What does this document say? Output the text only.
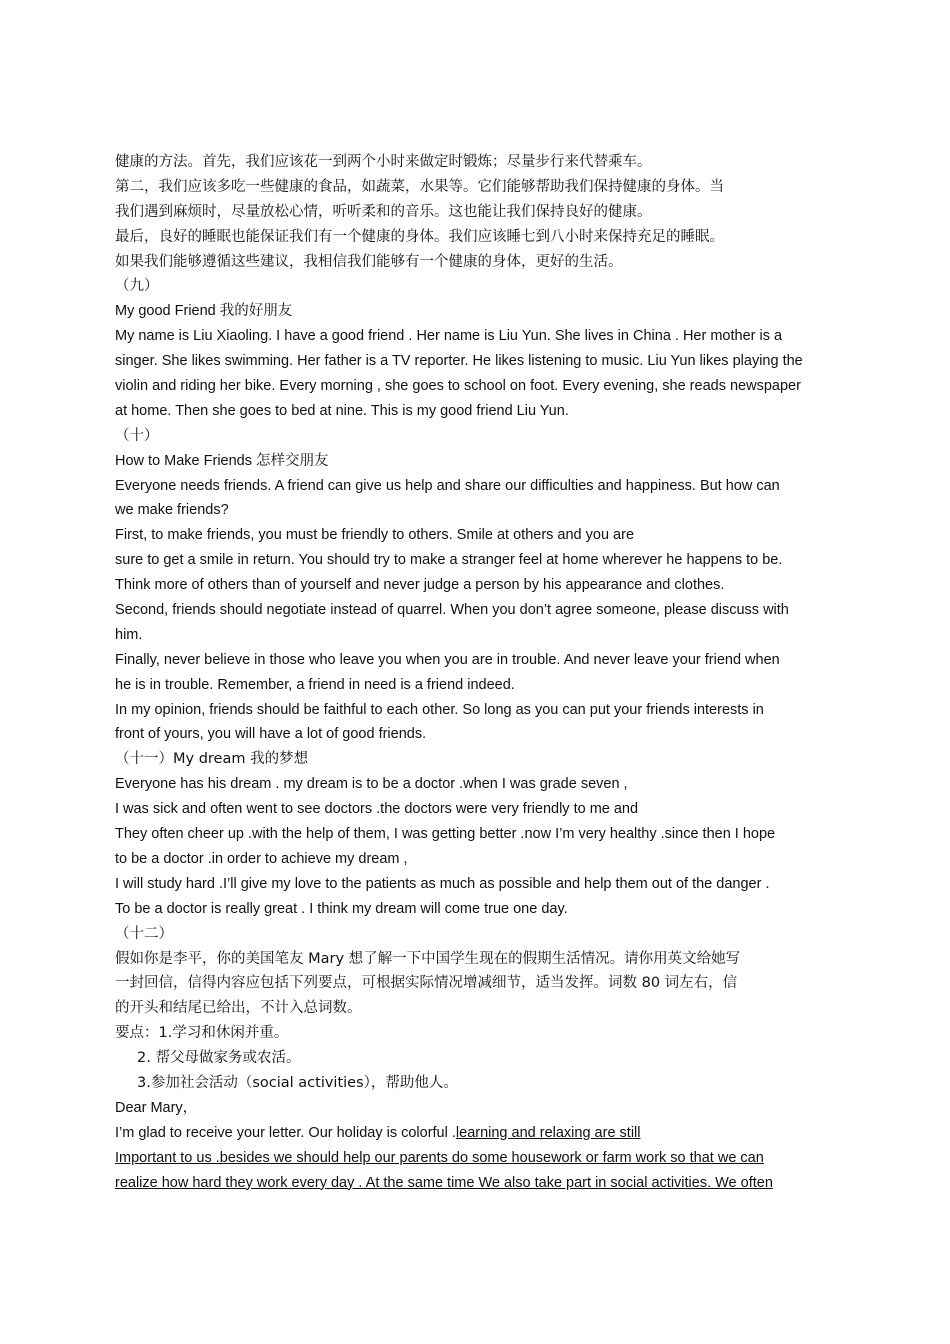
健康的方法。首先，我们应该花一到两个小时来做定时锻炼；尽量步行来代替乘车。
第二，我们应该多吃一些健康的食品，如蔬菜，水果等。它们能够帮助我们保持健康的身体。当
我们遇到麻烦时，尽量放松心情，听听柔和的音乐。这也能让我们保持良好的健康。
最后，良好的睡眠也能保证我们有一个健康的身体。我们应该睡七到八小时来保持充足的睡眠。
如果我们能够遵循这些建议，我相信我们能够有一个健康的身体，更好的生活。
（九）
My good Friend 我的好朋友
My name is Liu Xiaoling. I have a good friend . Her name is Liu Yun. She lives in China . Her mother is a
singer. She likes swimming. Her father is a TV reporter. He likes listening to music. Liu Yun likes playing the
violin and riding her bike. Every morning , she goes to school on foot. Every evening, she reads newspaper
at home. Then she goes to bed at nine. This is my good friend Liu Yun.
（十）
How to Make Friends 怎样交朋友
Everyone needs friends. A friend can give us help and share our difficulties and happiness. But how can
we make friends?
First, to make friends, you must be friendly to others. Smile at others and you are
sure to get a smile in return. You should try to make a stranger feel at home wherever he happens to be.
Think more of others than of yourself and never judge a person by his appearance and clothes.
Second, friends should negotiate instead of quarrel. When you don’t agree someone, please discuss with
him.
Finally, never believe in those who leave you when you are in trouble. And never leave your friend when
he is in trouble. Remember, a friend in need is a friend indeed.
In my opinion, friends should be faithful to each other. So long as you can put your friends interests in
front of yours, you will have a lot of good friends.
（十一）My dream 我的梦想
Everyone has his dream . my dream is to be a doctor .when I was grade seven ,
I was sick and often went to see doctors .the doctors were very friendly to me and
They often cheer up .with the help of them, I was getting better .now I’m very healthy .since then I hope
to be a doctor .in order to achieve my dream ,
I will study hard .I’ll give my love to the patients as much as possible and help them out of the danger .
To be a doctor is really great . I think my dream will come true one day.
（十二）
假如你是李平，你的美国笔友 Mary 想了解一下中国学生现在的假期生活情况。请你用英文给她写
一封回信，信得内容应包括下列要点，可根据实际情况增减细节，适当发挥。词数 80 词左右，信
的开头和结尾已给出，不计入总词数。
要点：1.学习和休闲并重。
2. 帮父母做家务或农活。
3.参加社会活动（social activities），帮助他人。
Dear Mary，
I’m glad to receive your letter. Our holiday is colorful .learning and relaxing are still
Important to us .besides we should help our parents do some housework or farm work so that we can
realize how hard they work every day . At the same time We also take part in social activities. We often
